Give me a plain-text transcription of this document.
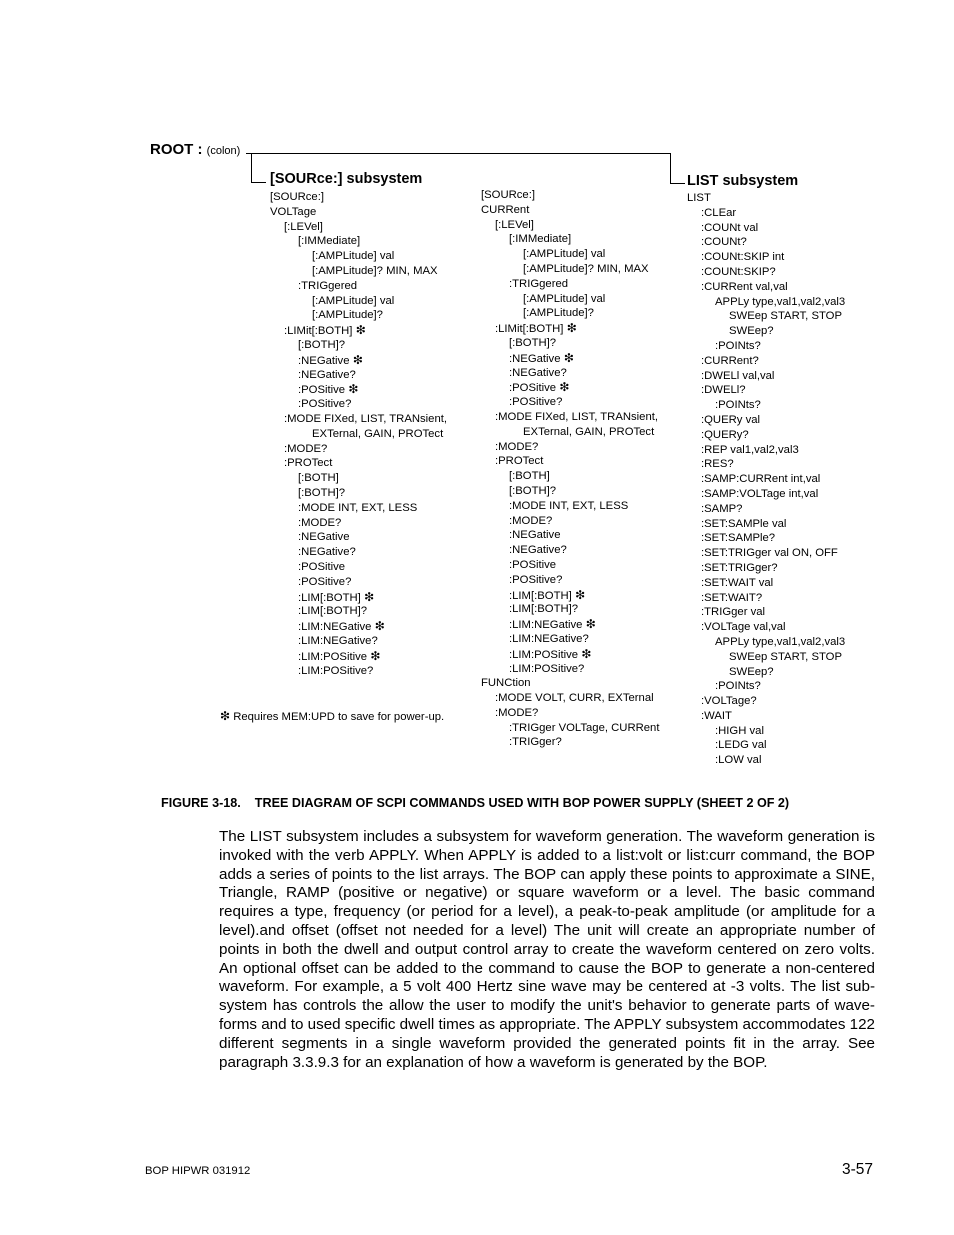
ROOT : (colon)
[SOURce:] subsystem	LIST subsystem
[SOURce:]
VOLTage
[:LEVel]
[:IMMediate]
[:AMPLitude] val
[:AMPLitude]? MIN, MAX
:TRIGgered
[:AMPLitude] val
[:AMPLitude]?
:LIMit[:BOTH] ❇
[:BOTH]?
:NEGative ❇
:NEGative?
:POSitive ❇
:POSitive?
:MODE FIXed, LIST, TRANsient,
EXTernal, GAIN, PROTect
:MODE?
:PROTect
[:BOTH]
[:BOTH]?
:MODE INT, EXT, LESS
:MODE?
:NEGative
:NEGative?
:POSitive
:POSitive?
:LIM[:BOTH] ❇
:LIM[:BOTH]?
:LIM:NEGative ❇
:LIM:NEGative?
:LIM:POSitive ❇
:LIM:POSitive?
[SOURce:]
CURRent
[:LEVel]
[:IMMediate]
[:AMPLitude] val
[:AMPLitude]? MIN, MAX
:TRIGgered
[:AMPLitude] val
[:AMPLitude]?
:LIMit[:BOTH] ❇
[:BOTH]?
:NEGative ❇
:NEGative?
:POSitive ❇
:POSitive?
:MODE FIXed, LIST, TRANsient,
EXTernal, GAIN, PROTect
:MODE?
:PROTect
[:BOTH]
[:BOTH]?
:MODE INT, EXT, LESS
:MODE?
:NEGative
:NEGative?
:POSitive
:POSitive?
:LIM[:BOTH] ❇
:LIM[:BOTH]?
:LIM:NEGative ❇
:LIM:NEGative?
:LIM:POSitive ❇
:LIM:POSitive?
FUNCtion
:MODE VOLT, CURR, EXTernal
:MODE?
:TRIGger VOLTage, CURRent
:TRIGger?
LIST
:CLEar
:COUNt val
:COUNt?
:COUNt:SKIP int
:COUNt:SKIP?
:CURRent val,val
APPLy type,val1,val2,val3
SWEep START, STOP
SWEep?
:POINts?
:CURRent?
:DWELl val,val
:DWELl?
:POINts?
:QUERy val
:QUERy?
:REP val1,val2,val3
:RES?
:SAMP:CURRent int,val
:SAMP:VOLTage int,val
:SAMP?
:SET:SAMPle val
:SET:SAMPle?
:SET:TRIGger val ON, OFF
:SET:TRIGger?
:SET:WAIT val
:SET:WAIT?
:TRIGger val
:VOLTage val,val
APPLy type,val1,val2,val3
SWEep START, STOP
SWEep?
:POINts?
:VOLTage?
:WAIT
:HIGH val
:LEDG val
:LOW val
❇ Requires MEM:UPD to save for power-up.
FIGURE 3-18.    TREE DIAGRAM OF SCPI COMMANDS USED WITH BOP POWER SUPPLY (SHEET 2 OF 2)
The LIST subsystem includes a subsystem for waveform generation. The waveform generation is invoked with the verb APPLY. When APPLY is added to a list:volt or list:curr command, the BOP adds a series of points to the list arrays. The BOP can apply these points to approximate a SINE, Triangle, RAMP (positive or negative) or square waveform or a level. The basic command requires a type, frequency (or period for a level), a peak-to-peak amplitude (or amplitude for a level).and offset (offset not needed for a level) The unit will create an appropriate number of points in both the dwell and output control array to create the waveform centered on zero volts. An optional offset can be added to the command to cause the BOP to generate a non-centered waveform. For example, a 5 volt 400 Hertz sine wave may be centered at -3 volts. The list sub-system has controls the allow the user to modify the unit's behavior to generate parts of wave-forms and to used specific dwell times as appropriate. The APPLY subsystem accommodates 122 different segments in a single waveform provided the generated points fit in the array. See paragraph 3.3.9.3 for an explanation of how a waveform is generated by the BOP.
BOP HIPWR 031912	3-57
